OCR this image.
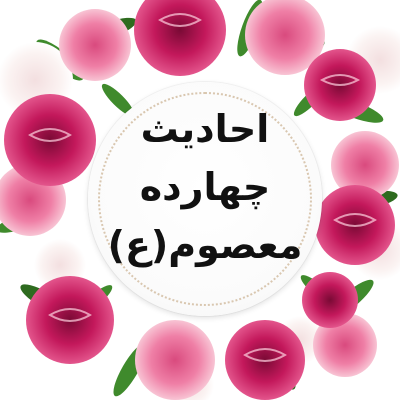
احادیث
چهارده
معصوم(ع)
